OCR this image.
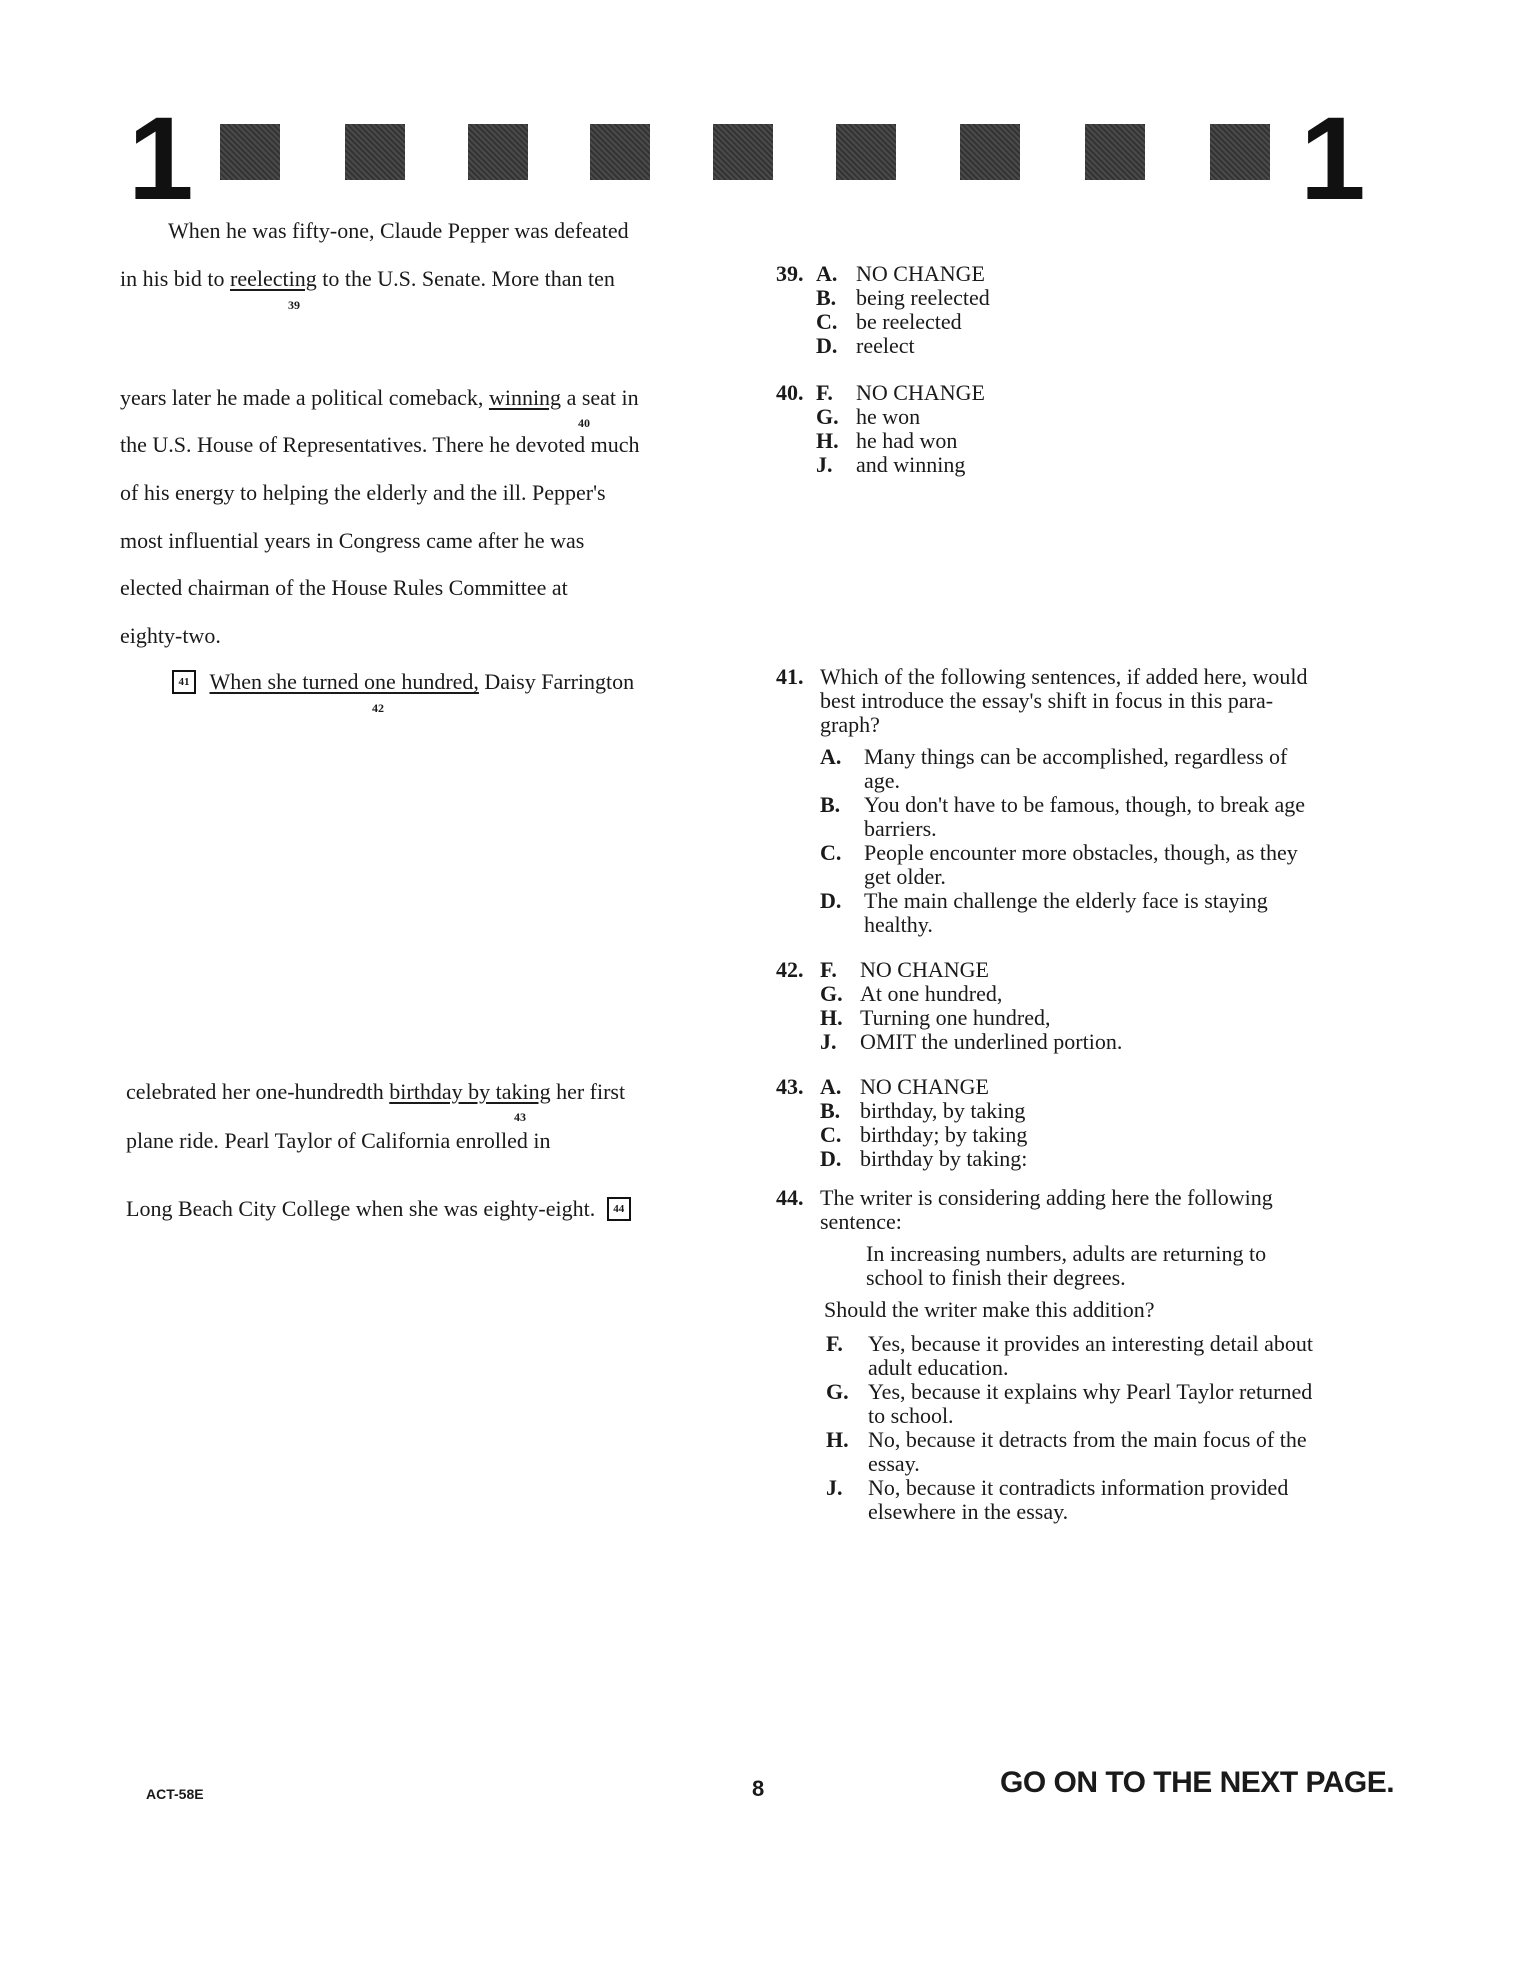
1	1
When he was fifty-one, Claude Pepper was defeated
in his bid to reelecting to the U.S. Senate. More than ten
39
years later he made a political comeback, winning a seat in
40
the U.S. House of Representatives. There he devoted much
of his energy to helping the elderly and the ill. Pepper's
most influential years in Congress came after he was
elected chairman of the House Rules Committee at
eighty-two.
41 When she turned one hundred, Daisy Farrington
42
celebrated her one-hundredth birthday by taking her first
43
plane ride. Pearl Taylor of California enrolled in
Long Beach City College when she was eighty-eight. 44
39. A. NO CHANGE
B. being reelected
C. be reelected
D. reelect
40. F. NO CHANGE
G. he won
H. he had won
J. and winning
41. Which of the following sentences, if added here, would
best introduce the essay's shift in focus in this para-
graph?
A. Many things can be accomplished, regardless of
age.
B. You don't have to be famous, though, to break age
barriers.
C. People encounter more obstacles, though, as they
get older.
D. The main challenge the elderly face is staying
healthy.
42. F. NO CHANGE
G. At one hundred,
H. Turning one hundred,
J. OMIT the underlined portion.
43. A. NO CHANGE
B. birthday, by taking
C. birthday; by taking
D. birthday by taking:
44. The writer is considering adding here the following
sentence:
In increasing numbers, adults are returning to
school to finish their degrees.
Should the writer make this addition?
F. Yes, because it provides an interesting detail about
adult education.
G. Yes, because it explains why Pearl Taylor returned
to school.
H. No, because it detracts from the main focus of the
essay.
J. No, because it contradicts information provided
elsewhere in the essay.
ACT-58E	8	GO ON TO THE NEXT PAGE.
